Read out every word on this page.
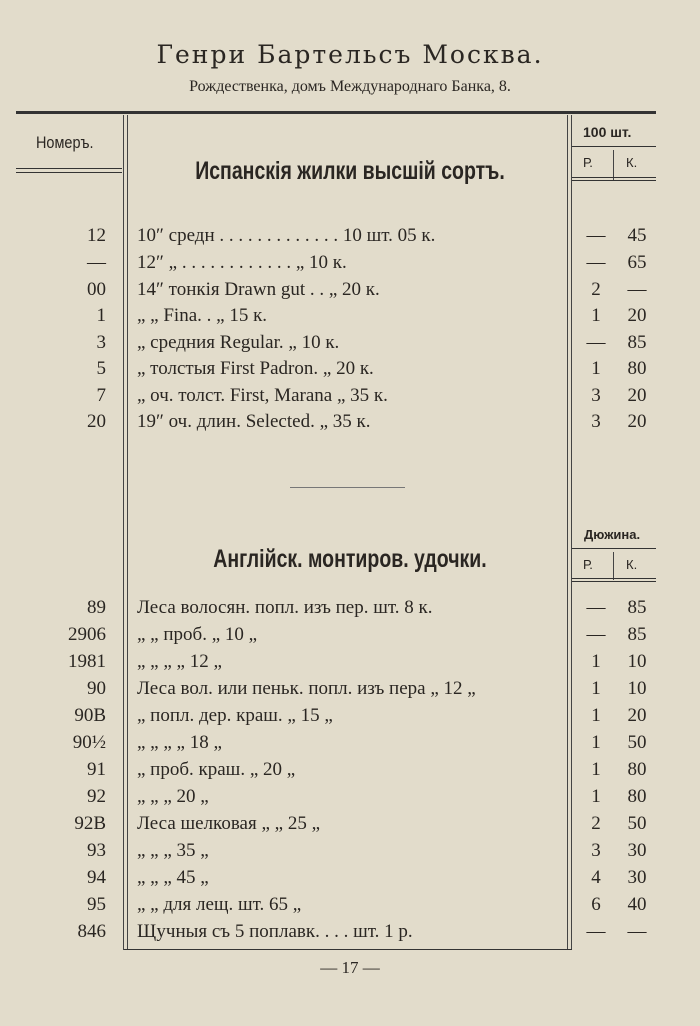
Генри Бартельсъ Москва.
Рождественка, домъ Международнаго Банка, 8.
Номеръ.
100 шт.
Р.	К.
Испанскія жилки высшій сортъ.
12 10″ средн . . . . . . . . . . . . . 10 шт. 05 к.	—	45
— 12″ „ . . . . . . . . . . . . „ 10 к.	—	65
00 14″ тонкія Drawn gut . . „ 20 к.	2	—
1 „ „ Fina. . „ 15 к.	1	20
3 „ средния Regular. „ 10 к.	—	85
5 „ толстыя First Padron. „ 20 к.	1	80
7 „ оч. толст. First, Marana „ 35 к.	3	20
20 19″ оч. длин. Selected. „ 35 к.	3	20
Дюжина.
Р.	К.
Англійск. монтиров. удочки.
89 Леса волосян. попл. изъ пер. шт. 8 к.	—	85
2906 „ „ проб. „ 10 „	—	85
1981 „ „ „ „ 12 „	1	10
90 Леса вол. или пеньк. попл. изъ пера „ 12 „	1	10
90B „ попл. дер. краш. „ 15 „	1	20
90½ „ „ „ „ 18 „	1	50
91 „ проб. краш. „ 20 „	1	80
92 „ „ „ 20 „	1	80
92B Леса шелковая „ „ 25 „	2	50
93 „ „ „ 35 „	3	30
94 „ „ „ 45 „	4	30
95 „ „ для лещ. шт. 65 „	6	40
846 Щучныя съ 5 поплавк. . . . шт. 1 р.	—	—
— 17 —
